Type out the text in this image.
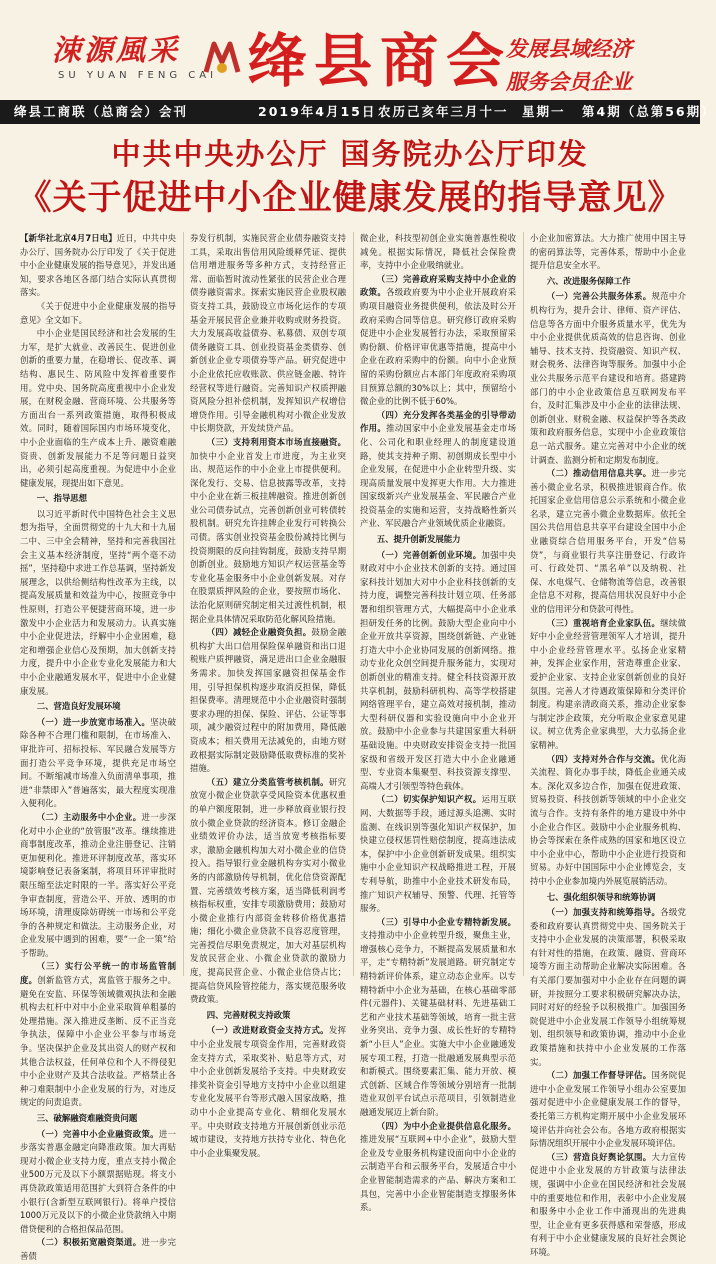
涑源風采
SU YUAN FENG CAI 绛县商会
发展县域经济
服务会员企业
绛县工商联（总商会）会刊	2019年4月15日 农历己亥年三月十一 星期一 第4期（总第56期）
中共中央办公厅 国务院办公厅印发
《关于促进中小企业健康发展的指导意见》

【新华社北京4月7日电】近日，中共中央办公厅、国务院办公厅印发了《关于促进中小企业健康发展的指导意见》，并发出通知，要求各地区各部门结合实际认真贯彻落实。

《关于促进中小企业健康发展的指导意见》全文如下。

中小企业是国民经济和社会发展的生力军，是扩大就业、改善民生、促进创业创新的重要力量，在稳增长、促改革、调结构、惠民生、防风险中发挥着重要作用。党中央、国务院高度重视中小企业发展，在财税金融、营商环境、公共服务等方面出台一系列政策措施，取得积极成效。同时，随着国际国内市场环境变化，中小企业面临的生产成本上升、融资难融资贵、创新发展能力不足等问题日益突出，必须引起高度重视。为促进中小企业健康发展，现提出如下意见。

一、指导思想

以习近平新时代中国特色社会主义思想为指导，全面贯彻党的十九大和十九届二中、三中全会精神，坚持和完善我国社会主义基本经济制度，坚持“两个毫不动摇”，坚持稳中求进工作总基调，坚持新发展理念，以供给侧结构性改革为主线，以提高发展质量和效益为中心，按照竞争中性原则，打造公平便捷营商环境，进一步激发中小企业活力和发展动力。认真实施中小企业促进法，纾解中小企业困难，稳定和增强企业信心及预期，加大创新支持力度，提升中小企业专业化发展能力和大中小企业融通发展水平，促进中小企业健康发展。

二、营造良好发展环境

（一）进一步放宽市场准入。坚决破除各种不合理门槛和限制，在市场准入、审批许可、招标投标、军民融合发展等方面打造公平竞争环境，提供充足市场空间。不断缩减市场准入负面清单事项，推进“非禁即入”普遍落实，最大程度实现准入便利化。

（二）主动服务中小企业。进一步深化对中小企业的“放管服”改革。继续推进商事制度改革，推动企业注册登记、注销更加便利化。推进环评制度改革，落实环境影响登记表备案制，将项目环评审批时限压缩至法定时限的一半。落实好公平竞争审查制度，营造公平、开放、透明的市场环境，清理废除妨碍统一市场和公平竞争的各种规定和做法。主动服务企业，对企业发展中遇到的困难，要“一企一策”给予帮助。

（三）实行公平统一的市场监管制度。创新监管方式，寓监管于服务之中。避免在安监、环保等领域微观执法和金融机构去杠杆中对中小企业采取简单粗暴的处理措施。深入推进反垄断、反不正当竞争执法，保障中小企业公平参与市场竞争。坚决保护企业及其出资人的财产权和其他合法权益，任何单位和个人不得侵犯中小企业财产及其合法收益。严格禁止各种刁难限制中小企业发展的行为，对违反规定的问责追责。

三、破解融资难融资贵问题

（一）完善中小企业融资政策。进一步落实普惠金融定向降准政策。加大再贴现对小微企业支持力度，重点支持小微企业500万元及以下小额票据贴现。将支小再贷款政策适用范围扩大到符合条件的中小银行(含新型互联网银行)。将单户授信1000万元及以下的小微企业贷款纳入中期借贷便利的合格担保品范围。

（二）积极拓宽融资渠道。进一步完善债

券发行机制，实施民营企业债券融资支持工具，采取出售信用风险缓释凭证、提供信用增进服务等多种方式，支持经营正常、面临暂时流动性紧张的民营企业合理债券融资需求。探索实施民营企业股权融资支持工具，鼓励设立市场化运作的专项基金开展民营企业兼并收购或财务投资。大力发展高收益债券、私募债、双创专项债务融资工具、创业投资基金类债券、创新创业企业专项债券等产品。研究促进中小企业依托应收账款、供应链金融、特许经营权等进行融资。完善知识产权质押融资风险分担补偿机制，发挥知识产权增信增贷作用。引导金融机构对小微企业发放中长期贷款，开发续贷产品。

（三）支持利用资本市场直接融资。加快中小企业首发上市进度，为主业突出、规范运作的中小企业上市提供便利。深化发行、交易、信息披露等改革，支持中小企业在新三板挂牌融资。推进创新创业公司债券试点，完善创新创业可转债转股机制。研究允许挂牌企业发行可转换公司债。落实创业投资基金股份减持比例与投资期限的反向挂钩制度，鼓励支持早期创新创业。鼓励地方知识产权运营基金等专业化基金服务中小企业创新发展。对存在股票质押风险的企业，要按照市场化、法治化原则研究制定相关过渡性机制，根据企业具体情况采取防范化解风险措施。

（四）减轻企业融资负担。鼓励金融机构扩大出口信用保险保单融资和出口退税账户质押融资，满足进出口企业金融服务需求。加快发挥国家融资担保基金作用，引导担保机构逐步取消反担保，降低担保费率。清理规范中小企业融资时强制要求办理的担保、保险、评估、公证等事项，减少融资过程中的附加费用，降低融资成本；相关费用无法减免的，由地方财政根据实际制定鼓励降低取费标准的奖补措施。

（五）建立分类监管考核机制。研究放宽小微企业贷款享受风险资本优惠权重的单户额度限制，进一步释放商业银行投放小微企业贷款的经济资本。修订金融企业绩效评价办法，适当放宽考核指标要求，激励金融机构加大对小微企业的信贷投入。指导银行业金融机构夯实对小微业务的内部激励传导机制，优化信贷资源配置、完善绩效考核方案，适当降低利润考核指标权重，安排专项激励费用；鼓励对小微企业推行内部资金转移价格优惠措施；细化小微企业贷款不良容忍度管理，完善授信尽职免责规定，加大对基层机构发放民营企业、小微企业贷款的激励力度，提高民营企业、小微企业信贷占比；提高信贷风险管控能力，落实规范服务收费政策。

四、完善财税支持政策

（一）改进财政资金支持方式。发挥中小企业发展专项资金作用，完善财政资金支持方式，采取奖补、贴息等方式，对中小企业创新发展给予支持。中央财政安排奖补资金引导地方支持中小企业以组建专业化发展平台等形式融入国家战略，推动中小企业提高专业化、精细化发展水平。中央财政支持地方开展创新创业示范城市建设，支持地方扶持专业化、特色化中小企业集聚发展。

微企业，科技型初创企业实施普惠性税收减免。根据实际情况，降低社会保险费率，支持中小企业吸纳就业。

（三）完善政府采购支持中小企业的政策。各级政府要为中小企业开展政府采购项目融资业务提供便利，依法及时公开政府采购合同等信息。研究修订政府采购促进中小企业发展暂行办法，采取预留采购份额、价格评审优惠等措施，提高中小企业在政府采购中的份额。向中小企业预留的采购份额应占本部门年度政府采购项目预算总额的30%以上；其中，预留给小微企业的比例不低于60%。

（四）充分发挥各类基金的引导带动作用。推动国家中小企业发展基金走市场化、公司化和职业经理人的制度建设道路，使其支持种子期、初创期成长型中小企业发展，在促进中小企业转型升级、实现高质量发展中发挥更大作用。大力推进国家级新兴产业发展基金、军民融合产业投资基金的实施和运营，支持战略性新兴产业、军民融合产业领域优质企业融资。

五、提升创新发展能力

（一）完善创新创业环境。加强中央财政对中小企业技术创新的支持。通过国家科技计划加大对中小企业科技创新的支持力度，调整完善科技计划立项、任务部署和组织管理方式，大幅提高中小企业承担研发任务的比例。鼓励大型企业向中小企业开放共享资源，围绕创新链、产业链打造大中小企业协同发展的创新网络。推动专业化众创空间提升服务能力，实现对创新创业的精准支持。健全科技资源开放共享机制，鼓励科研机构、高等学校搭建网络管理平台，建立高效对接机制，推动大型科研仪器和实验设施向中小企业开放。鼓励中小企业参与共建国家重大科研基础设施。中央财政安排资金支持一批国家级和省级开发区打造大中小企业融通型、专业资本集聚型、科技资源支撑型、高端人才引领型等特色载体。

（二）切实保护知识产权。运用互联网、大数据等手段，通过源头追溯、实时监测、在线识别等强化知识产权保护，加快建立侵权惩罚性赔偿制度，提高违法成本，保护中小企业创新研发成果。组织实施中小企业知识产权战略推进工程，开展专利导航，助推中小企业技术研发布局，推广知识产权辅导、预警、代理、托管等服务。

（三）引导中小企业专精特新发展。支持推动中小企业转型升级，聚焦主业，增强核心竞争力，不断提高发展质量和水平，走“专精特新”发展道路。研究制定专精特新评价体系，建立动态企业库。以专精特新中小企业为基础，在核心基础零部件(元器件)、关键基础材料、先进基础工艺和产业技术基础等领域，培育一批主营业务突出、竞争力强、成长性好的专精特新“小巨人”企业。实施大中小企业融通发展专项工程，打造一批融通发展典型示范和新模式。围绕要素汇集、能力开放、模式创新、区域合作等领域分别培育一批制造业双创平台试点示范项目，引领制造业融通发展迈上新台阶。

（四）为中小企业提供信息化服务。推进发展“互联网+中小企业”，鼓励大型企业及专业服务机构建设面向中小企业的云制造平台和云服务平台，发展适合中小企业智能制造需求的产品、解决方案和工具包，完善中小企业智能制造支撑服务体系。

小企业加密算法。大力推广使用中国主导的密码算法等，完善体系，帮助中小企业提升信息安全水平。

六、改进服务保障工作

（一）完善公共服务体系。规范中介机构行为，提升会计、律师、资产评估、信息等各方面中介服务质量水平，优先为中小企业提供优质高效的信息咨询、创业辅导、技术支持、投资融资、知识产权、财会税务、法律咨询等服务。加强中小企业公共服务示范平台建设和培育。搭建跨部门的中小企业政策信息互联网发布平台，及时汇集涉及中小企业的法律法规、创新创业、财税金融、权益保护等各类政策和政府服务信息，实现中小企业政策信息一站式服务。建立完善对中小企业的统计调查、监测分析和定期发布制度。

（二）推动信用信息共享。进一步完善小微企业名录，积极推进银商合作。依托国家企业信用信息公示系统和小微企业名录，建立完善小微企业数据库。依托全国公共信用信息共享平台建设全国中小企业融资综合信用服务平台，开发“信易贷”，与商业银行共享注册登记、行政许可、行政处罚、“黑名单”以及纳税、社保、水电煤气、仓储物流等信息，改善银企信息不对称，提高信用状况良好中小企业的信用评分和贷款可得性。

（三）重视培育企业家队伍。继续做好中小企业经营管理领军人才培训，提升中小企业经营管理水平。弘扬企业家精神，发挥企业家作用，营造尊重企业家、爱护企业家、支持企业家创新创业的良好氛围。完善人才待遇政策保障和分类评价制度。构建亲清政商关系，推动企业家参与制定涉企政策，充分听取企业家意见建议。树立优秀企业家典型，大力弘扬企业家精神。

（四）支持对外合作与交流。优化海关流程、简化办事手续，降低企业通关成本。深化双多边合作，加强在促进政策、贸易投资、科技创新等领域的中小企业交流与合作。支持有条件的地方建设中外中小企业合作区。鼓励中小企业服务机构、协会等探索在条件成熟的国家和地区设立中小企业中心，帮助中小企业进行投资和贸易。办好中国国际中小企业博览会，支持中小企业参加境内外展览展销活动。

七、强化组织领导和统筹协调

（一）加强支持和统筹指导。各级党委和政府要认真贯彻党中央、国务院关于支持中小企业发展的决策部署，积极采取有针对性的措施，在政策、融资、营商环境等方面主动帮助企业解决实际困难。各有关部门要加强对中小企业存在问题的调研，并按照分工要求积极研究解决办法，同时对好的经验予以积极推广。加强国务院促进中小企业发展工作领导小组统筹规划、组织领导和政策协调，推动中小企业政策措施和扶持中小企业发展的工作落实。

（二）加强工作督导评估。国务院促进中小企业发展工作领导小组办公室要加强对促进中小企业健康发展工作的督导，委托第三方机构定期开展中小企业发展环境评估并向社会公布。各地方政府根据实际情况组织开展中小企业发展环境评估。

（三）营造良好舆论氛围。大力宣传促进中小企业发展的方针政策与法律法规，强调中小企业在国民经济和社会发展中的重要地位和作用，表彰中小企业发展和服务中小企业工作中涌现出的先进典型，让企业有更多获得感和荣誉感，形成有利于中小企业健康发展的良好社会舆论环境。
